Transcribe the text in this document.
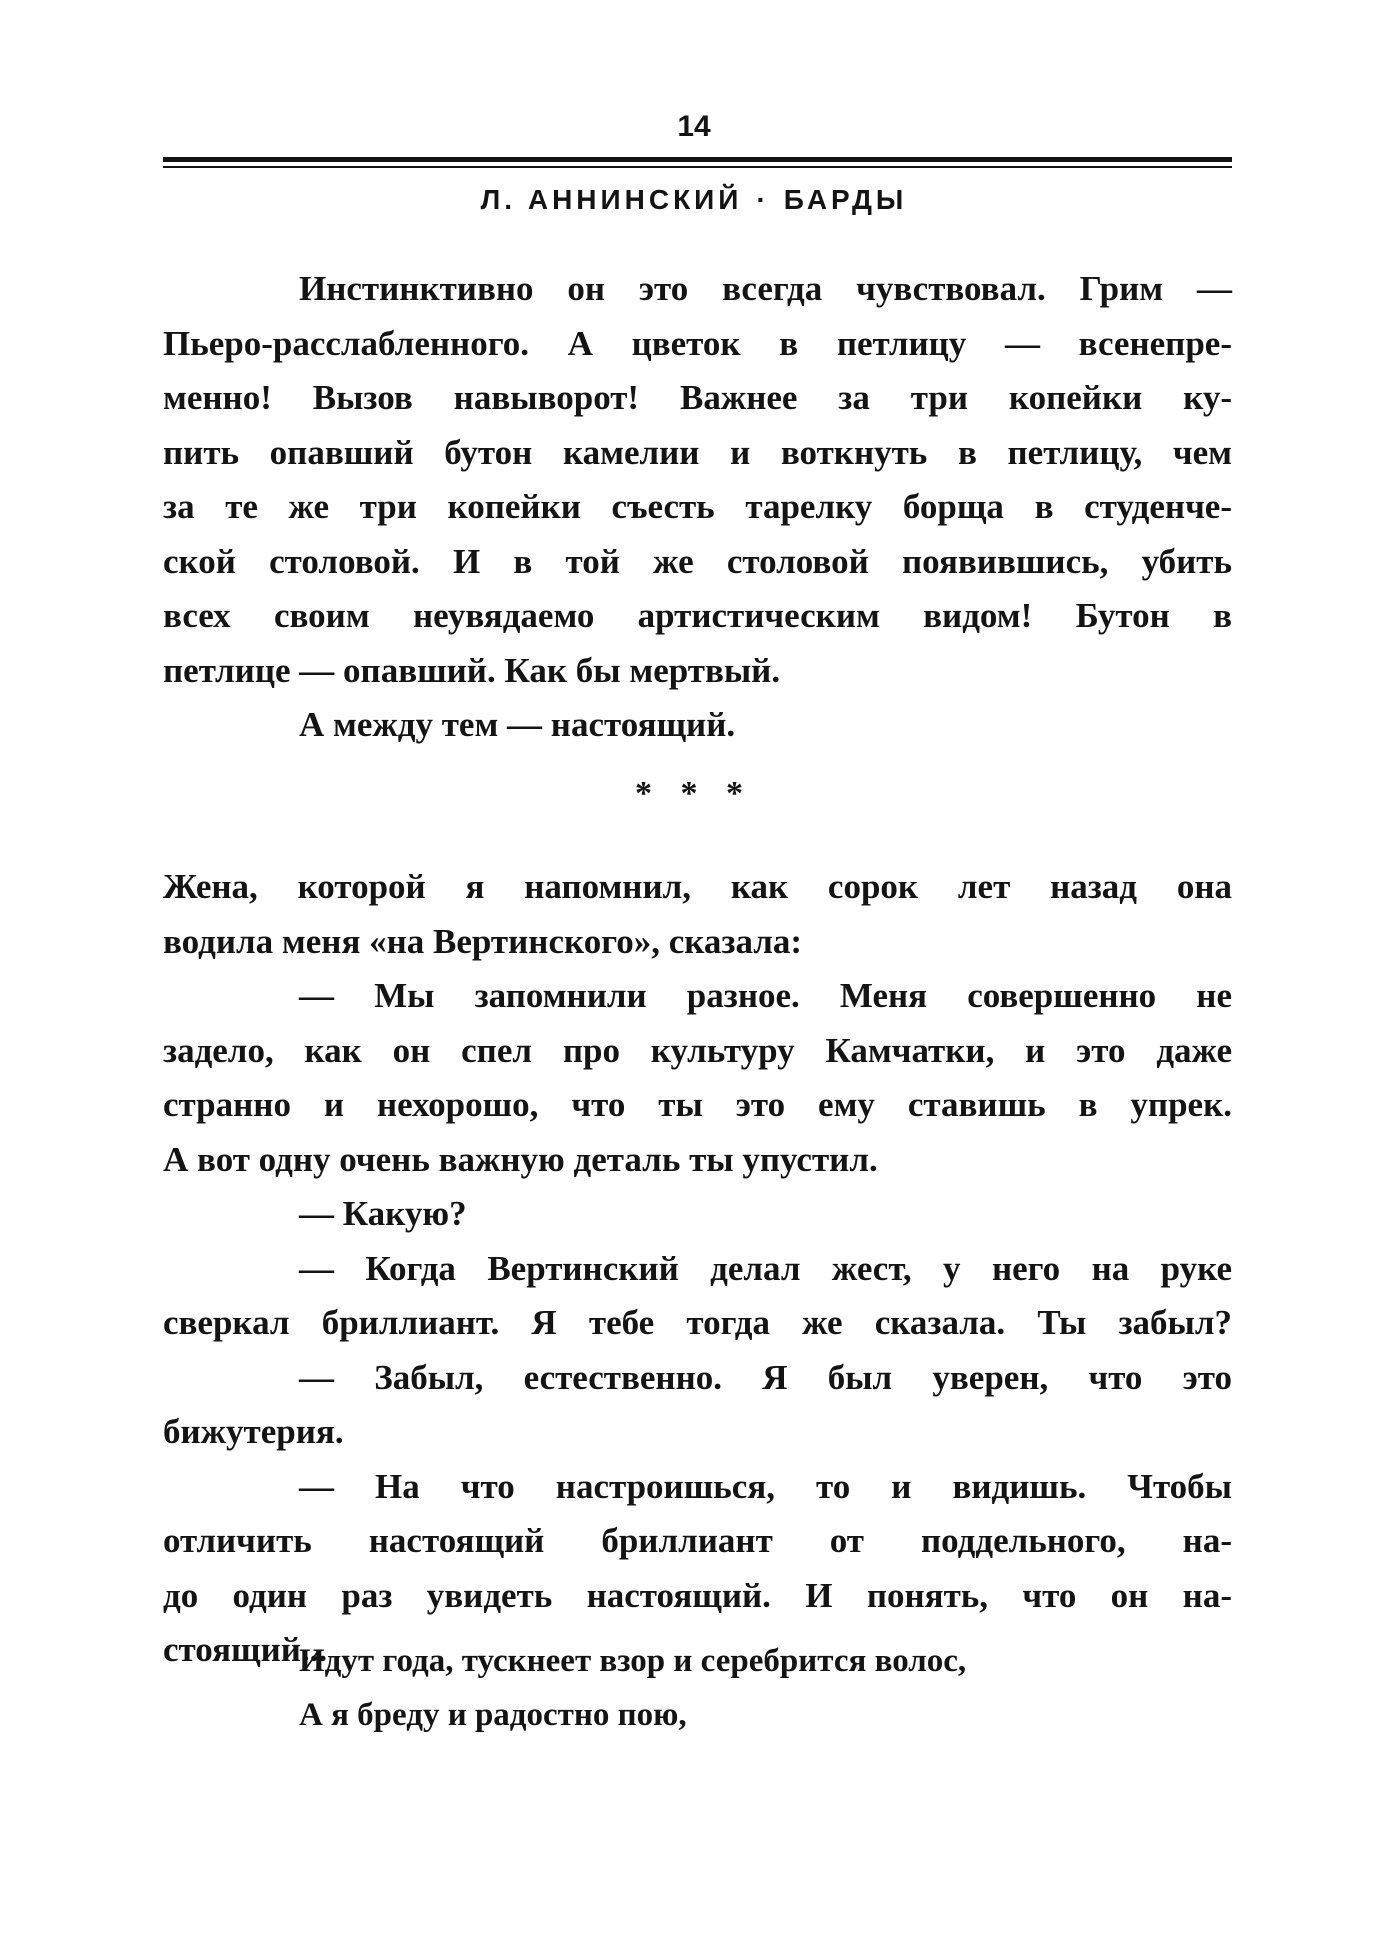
14
Л. АННИНСКИЙ · БАРДЫ
Инстинктивно он это всегда чувствовал. Грим —
Пьеро-расслабленного. А цветок в петлицу — всенепре-
менно! Вызов навыворот! Важнее за три копейки ку-
пить опавший бутон камелии и воткнуть в петлицу, чем
за те же три копейки съесть тарелку борща в студенче-
ской столовой. И в той же столовой появившись, убить
всех своим неувядаемо артистическим видом! Бутон в
петлице — опавший. Как бы мертвый.
А между тем — настоящий.
* * *
Жена, которой я напомнил, как сорок лет назад она
водила меня «на Вертинского», сказала:
— Мы запомнили разное. Меня совершенно не
задело, как он спел про культуру Камчатки, и это даже
странно и нехорошо, что ты это ему ставишь в упрек.
А вот одну очень важную деталь ты упустил.
— Какую?
— Когда Вертинский делал жест, у него на руке
сверкал бриллиант. Я тебе тогда же сказала. Ты забыл?
— Забыл, естественно. Я был уверен, что это
бижутерия.
— На что настроишься, то и видишь. Чтобы
отличить настоящий бриллиант от поддельного, на-
до один раз увидеть настоящий. И понять, что он на-
стоящий...
Идут года, тускнеет взор и серебрится волос,
А я бреду и радостно пою,
